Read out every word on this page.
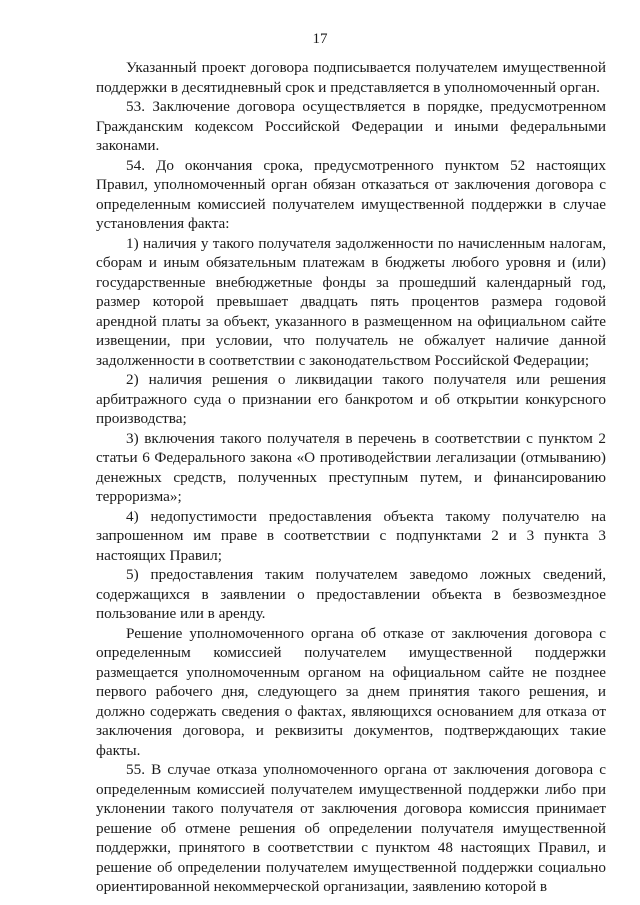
17

Указанный проект договора подписывается получателем имущественной поддержки в десятидневный срок и представляется в уполномоченный орган.

53. Заключение договора осуществляется в порядке, предусмотренном Гражданским кодексом Российской Федерации и иными федеральными законами.

54. До окончания срока, предусмотренного пунктом 52 настоящих Правил, уполномоченный орган обязан отказаться от заключения договора с определенным комиссией получателем имущественной поддержки в случае установления факта:

1) наличия у такого получателя задолженности по начисленным налогам, сборам и иным обязательным платежам в бюджеты любого уровня и (или) государственные внебюджетные фонды за прошедший календарный год, размер которой превышает двадцать пять процентов размера годовой арендной платы за объект, указанного в размещенном на официальном сайте извещении, при условии, что получатель не обжалует наличие данной задолженности в соответствии с законодательством Российской Федерации;

2) наличия решения о ликвидации такого получателя или решения арбитражного суда о признании его банкротом и об открытии конкурсного производства;

3) включения такого получателя в перечень в соответствии с пунктом 2 статьи 6 Федерального закона «О противодействии легализации (отмыванию) денежных средств, полученных преступным путем, и финансированию терроризма»;

4) недопустимости предоставления объекта такому получателю на запрошенном им праве в соответствии с подпунктами 2 и 3 пункта 3 настоящих Правил;

5) предоставления таким получателем заведомо ложных сведений, содержащихся в заявлении о предоставлении объекта в безвозмездное пользование или в аренду.

Решение уполномоченного органа об отказе от заключения договора с определенным комиссией получателем имущественной поддержки размещается уполномоченным органом на официальном сайте не позднее первого рабочего дня, следующего за днем принятия такого решения, и должно содержать сведения о фактах, являющихся основанием для отказа от заключения договора, и реквизиты документов, подтверждающих такие факты.

55. В случае отказа уполномоченного органа от заключения договора с определенным комиссией получателем имущественной поддержки либо при уклонении такого получателя от заключения договора комиссия принимает решение об отмене решения об определении получателя имущественной поддержки, принятого в соответствии с пунктом 48 настоящих Правил, и решение об определении получателем имущественной поддержки социально ориентированной некоммерческой организации, заявлению которой в
